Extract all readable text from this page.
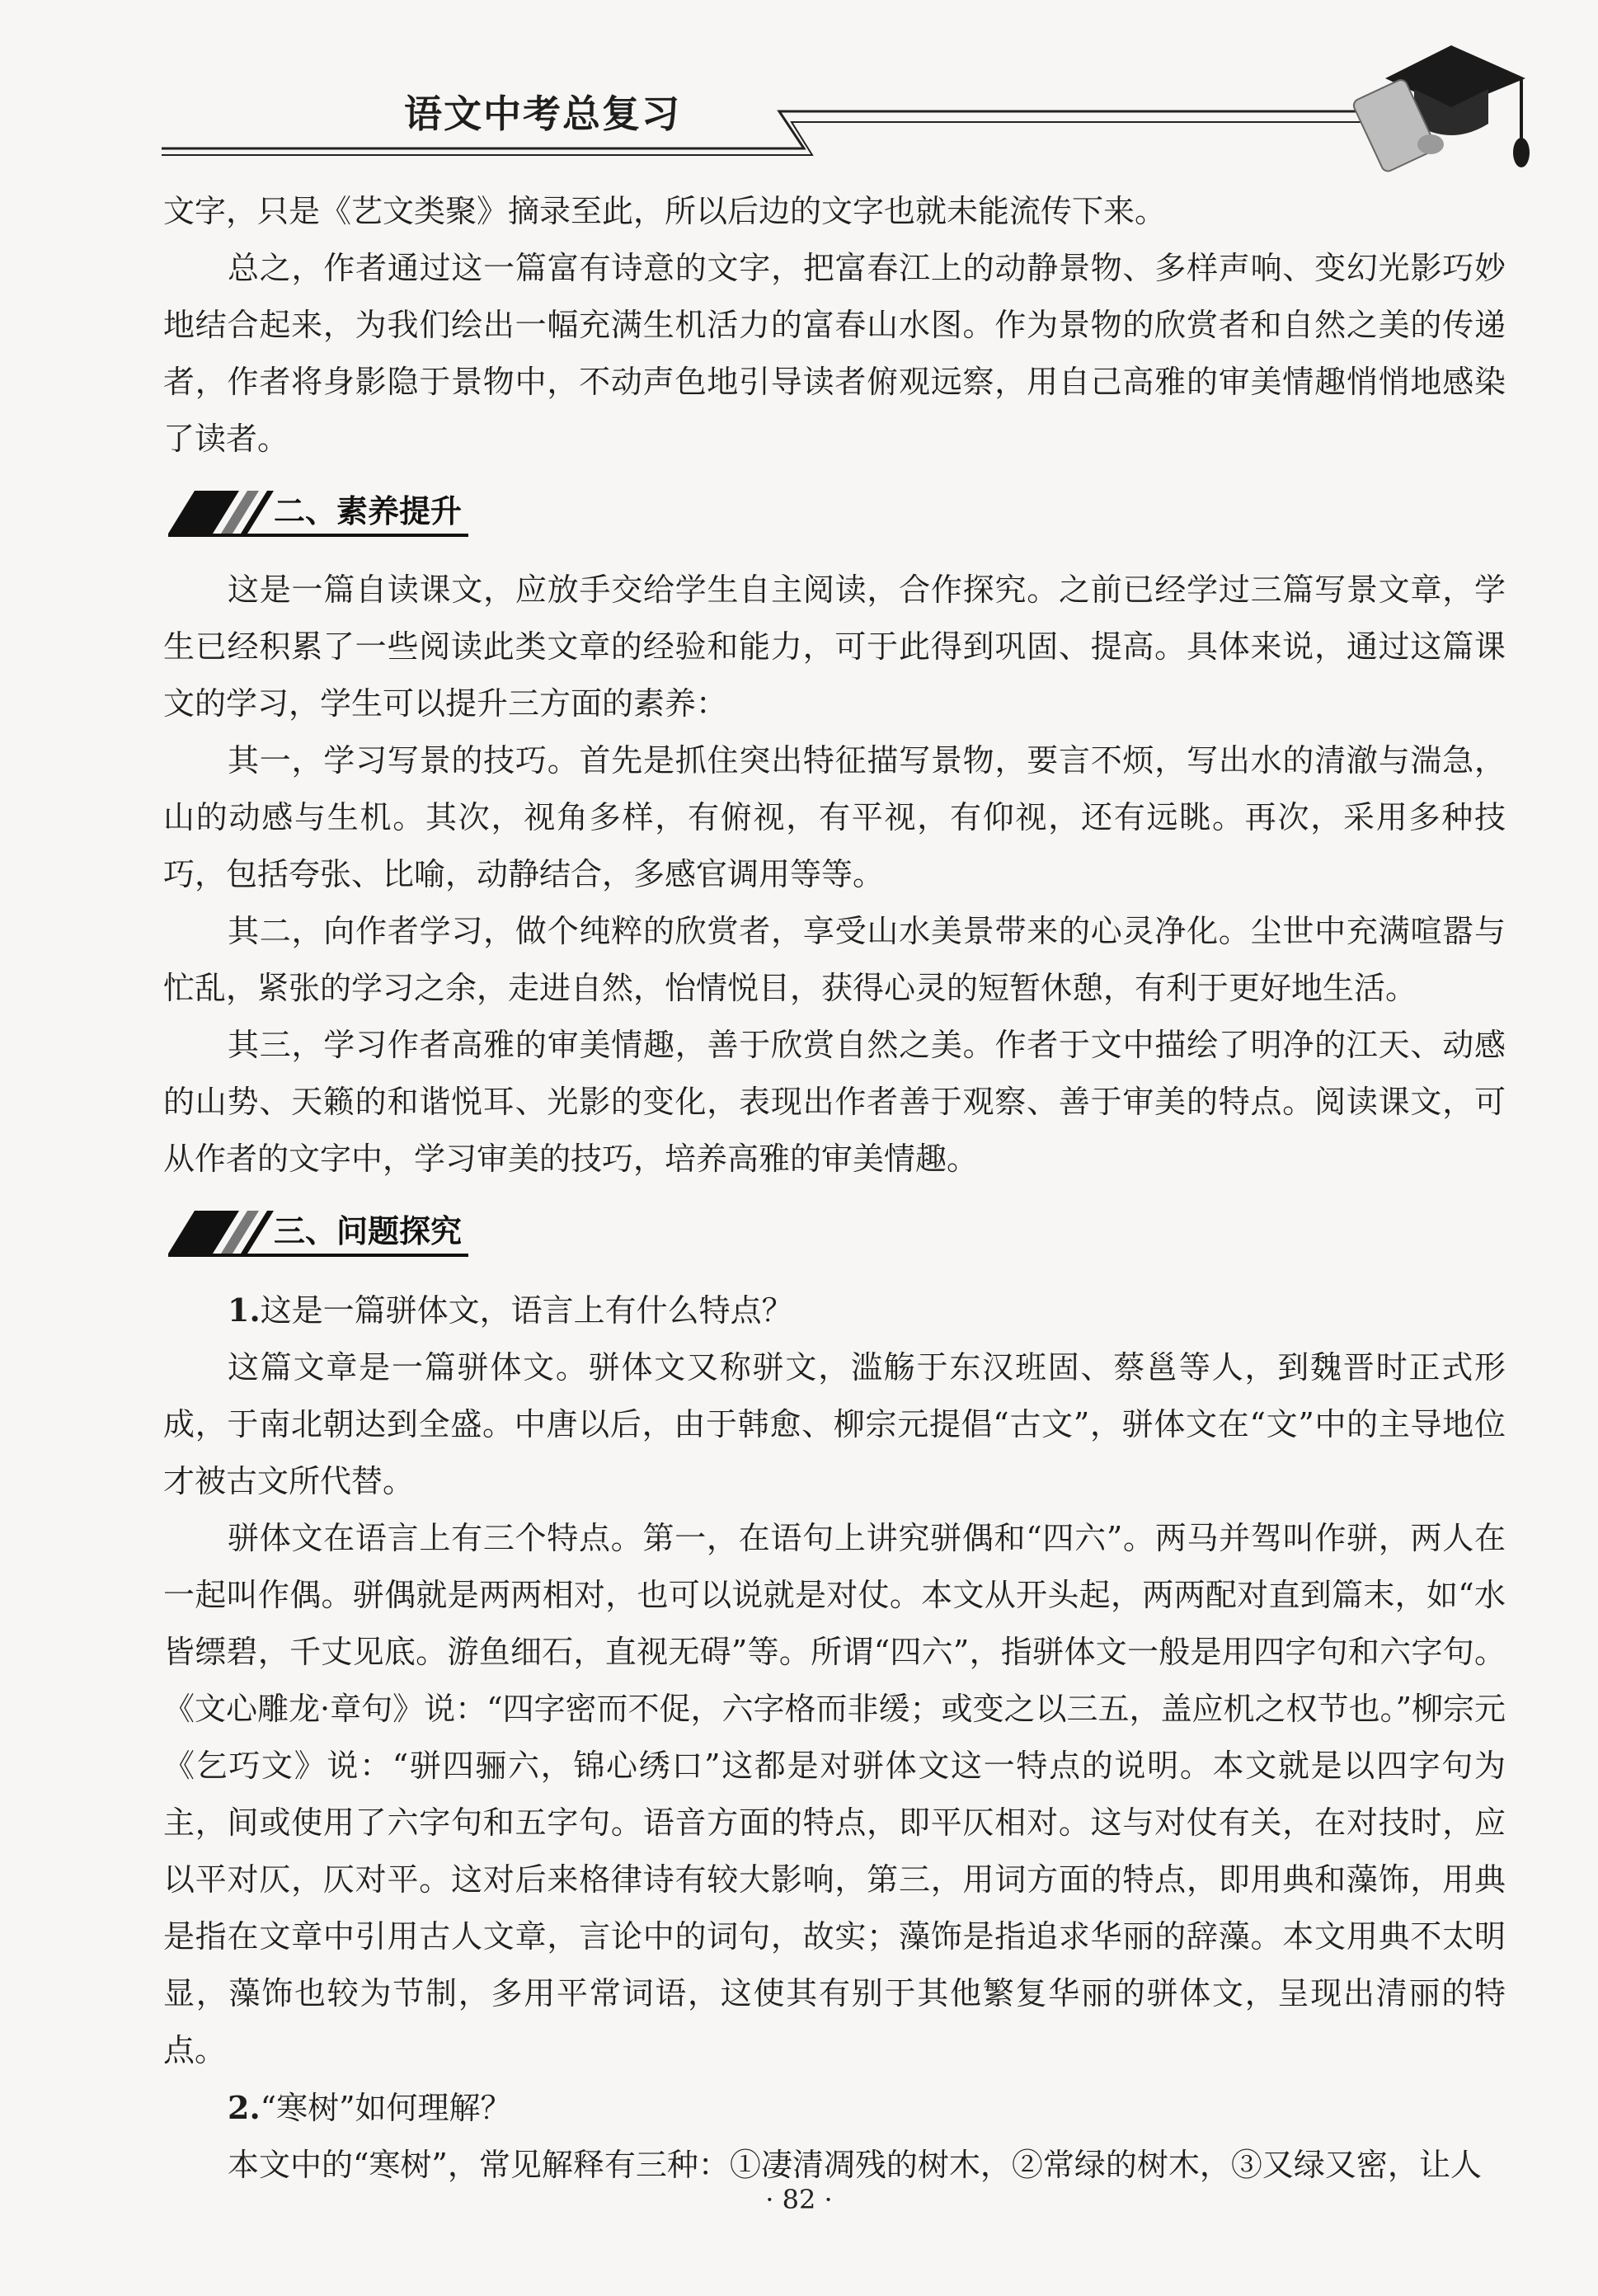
语文中考总复习

文字，只是《艺文类聚》摘录至此，所以后边的文字也就未能流传下来。

总之，作者通过这一篇富有诗意的文字，把富春江上的动静景物、多样声响、变幻光影巧妙地结合起来，为我们绘出一幅充满生机活力的富春山水图。作为景物的欣赏者和自然之美的传递者，作者将身影隐于景物中，不动声色地引导读者俯观远察，用自己高雅的审美情趣悄悄地感染了读者。

二、素养提升

这是一篇自读课文，应放手交给学生自主阅读，合作探究。之前已经学过三篇写景文章，学生已经积累了一些阅读此类文章的经验和能力，可于此得到巩固、提高。具体来说，通过这篇课文的学习，学生可以提升三方面的素养：

其一，学习写景的技巧。首先是抓住突出特征描写景物，要言不烦，写出水的清澈与湍急，山的动感与生机。其次，视角多样，有俯视，有平视，有仰视，还有远眺。再次，采用多种技巧，包括夸张、比喻，动静结合，多感官调用等等。

其二，向作者学习，做个纯粹的欣赏者，享受山水美景带来的心灵净化。尘世中充满喧嚣与忙乱，紧张的学习之余，走进自然，怡情悦目，获得心灵的短暂休憩，有利于更好地生活。

其三，学习作者高雅的审美情趣，善于欣赏自然之美。作者于文中描绘了明净的江天、动感的山势、天籁的和谐悦耳、光影的变化，表现出作者善于观察、善于审美的特点。阅读课文，可从作者的文字中，学习审美的技巧，培养高雅的审美情趣。

三、问题探究

1.这是一篇骈体文，语言上有什么特点？

这篇文章是一篇骈体文。骈体文又称骈文，滥觞于东汉班固、蔡邕等人，到魏晋时正式形成，于南北朝达到全盛。中唐以后，由于韩愈、柳宗元提倡“古文”，骈体文在“文”中的主导地位才被古文所代替。

骈体文在语言上有三个特点。第一，在语句上讲究骈偶和“四六”。两马并驾叫作骈，两人在一起叫作偶。骈偶就是两两相对，也可以说就是对仗。本文从开头起，两两配对直到篇末，如“水皆缥碧，千丈见底。游鱼细石，直视无碍”等。所谓“四六”，指骈体文一般是用四字句和六字句。《文心雕龙·章句》说：“四字密而不促，六字格而非缓；或变之以三五，盖应机之权节也。”柳宗元《乞巧文》说：“骈四骊六，锦心绣口”这都是对骈体文这一特点的说明。本文就是以四字句为主，间或使用了六字句和五字句。语音方面的特点，即平仄相对。这与对仗有关，在对技时，应以平对仄，仄对平。这对后来格律诗有较大影响，第三，用词方面的特点，即用典和藻饰，用典是指在文章中引用古人文章，言论中的词句，故实；藻饰是指追求华丽的辞藻。本文用典不太明显，藻饰也较为节制，多用平常词语，这使其有别于其他繁复华丽的骈体文，呈现出清丽的特点。

2.“寒树”如何理解？

本文中的“寒树”，常见解释有三种：①凄清凋残的树木，②常绿的树木，③又绿又密，让人

· 82 ·
